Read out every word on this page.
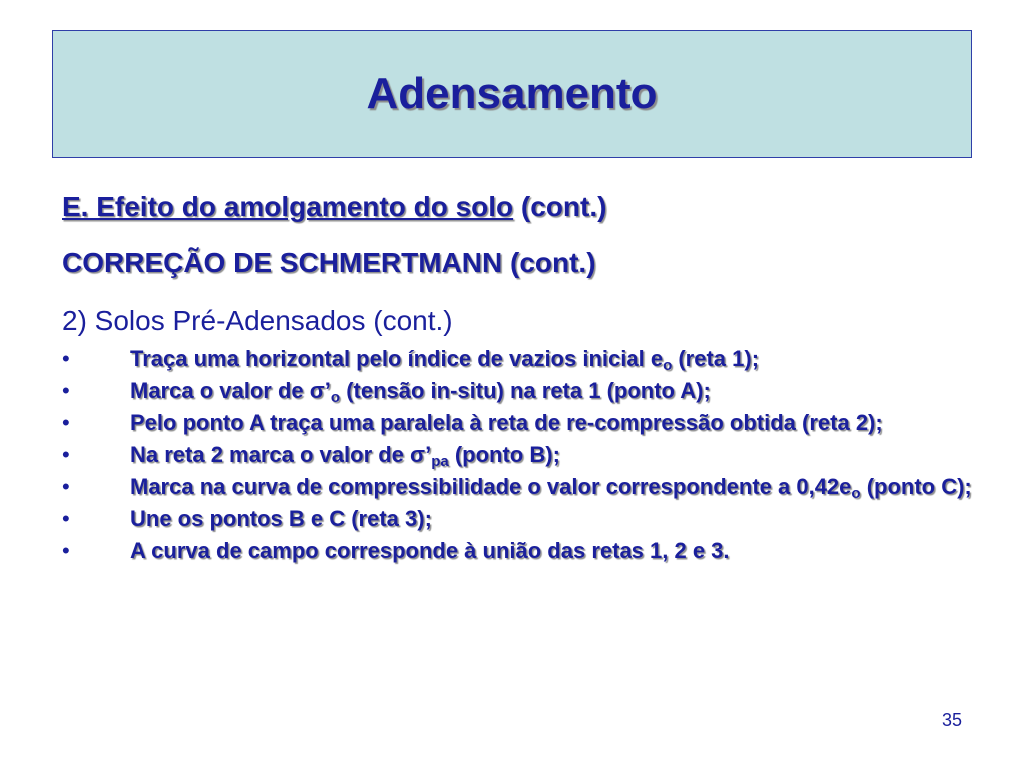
Adensamento

E. Efeito do amolgamento do solo (cont.)

CORREÇÃO DE SCHMERTMANN (cont.)

2) Solos Pré-Adensados (cont.)
•	Traça uma horizontal pelo índice de vazios inicial $e_o$ (reta 1);
•	Marca o valor de $\sigma’_o$ (tensão in-situ) na reta 1 (ponto A);
•	Pelo ponto A traça uma paralela à reta de re-compressão obtida (reta 2);
•	Na reta 2 marca o valor de $\sigma’_{pa}$ (ponto B);
•	Marca na curva de compressibilidade o valor correspondente a $0,42e_o$ (ponto C);
•	Une os pontos B e C (reta 3);
•	A curva de campo corresponde à união das retas 1, 2 e 3.
35
